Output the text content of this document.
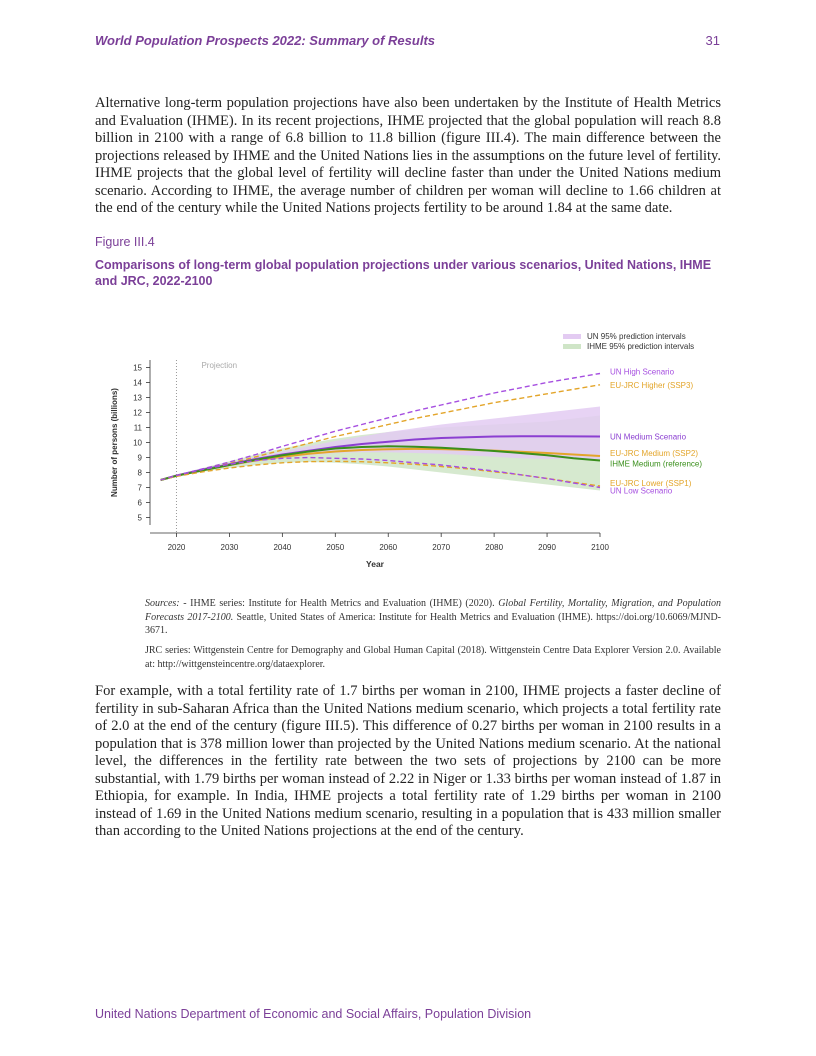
World Population Prospects 2022: Summary of Results	31

Alternative long-term population projections have also been undertaken by the Institute of Health Metrics and Evaluation (IHME). In its recent projections, IHME projected that the global population will reach 8.8 billion in 2100 with a range of 6.8 billion to 11.8 billion (figure III.4). The main difference between the projections released by IHME and the United Nations lies in the assumptions on the future level of fertility. IHME projects that the global level of fertility will decline faster than under the United Nations medium scenario. According to IHME, the average number of children per woman will decline to 1.66 children at the end of the century while the United Nations projects fertility to be around 1.84 at the same date.

Figure III.4
Comparisons of long-term global population projections under various scenarios, United Nations, IHME and JRC, 2022-2100
Projection
5
6
7
8
9
10
11
12
13
14
15
2020	2030	2040	2050	2060	2070	2080	2090	2100
Year
Number of persons (billions)
UN High Scenario
EU-JRC Higher (SSP3)
UN Medium Scenario
EU-JRC Medium (SSP2)
IHME Medium (reference)
EU-JRC Lower (SSP1)
UN Low Scenario
UN 95% prediction intervals
IHME 95% prediction intervals

Sources: - IHME series: Institute for Health Metrics and Evaluation (IHME) (2020). Global Fertility, Mortality, Migration, and Population Forecasts 2017-2100. Seattle, United States of America: Institute for Health Metrics and Evaluation (IHME). https://doi.org/10.6069/MJND-3671.

JRC series: Wittgenstein Centre for Demography and Global Human Capital (2018). Wittgenstein Centre Data Explorer Version 2.0. Available at: http://wittgensteincentre.org/dataexplorer.

For example, with a total fertility rate of 1.7 births per woman in 2100, IHME projects a faster decline of fertility in sub-Saharan Africa than the United Nations medium scenario, which projects a total fertility rate of 2.0 at the end of the century (figure III.5). This difference of 0.27 births per woman in 2100 results in a population that is 378 million lower than projected by the United Nations medium scenario. At the national level, the differences in the fertility rate between the two sets of projections by 2100 can be more substantial, with 1.79 births per woman instead of 2.22 in Niger or 1.33 births per woman instead of 1.87 in Ethiopia, for example. In India, IHME projects a total fertility rate of 1.29 births per woman in 2100 instead of 1.69 in the United Nations medium scenario, resulting in a population that is 433 million smaller than according to the United Nations projections at the end of the century.

United Nations Department of Economic and Social Affairs, Population Division
